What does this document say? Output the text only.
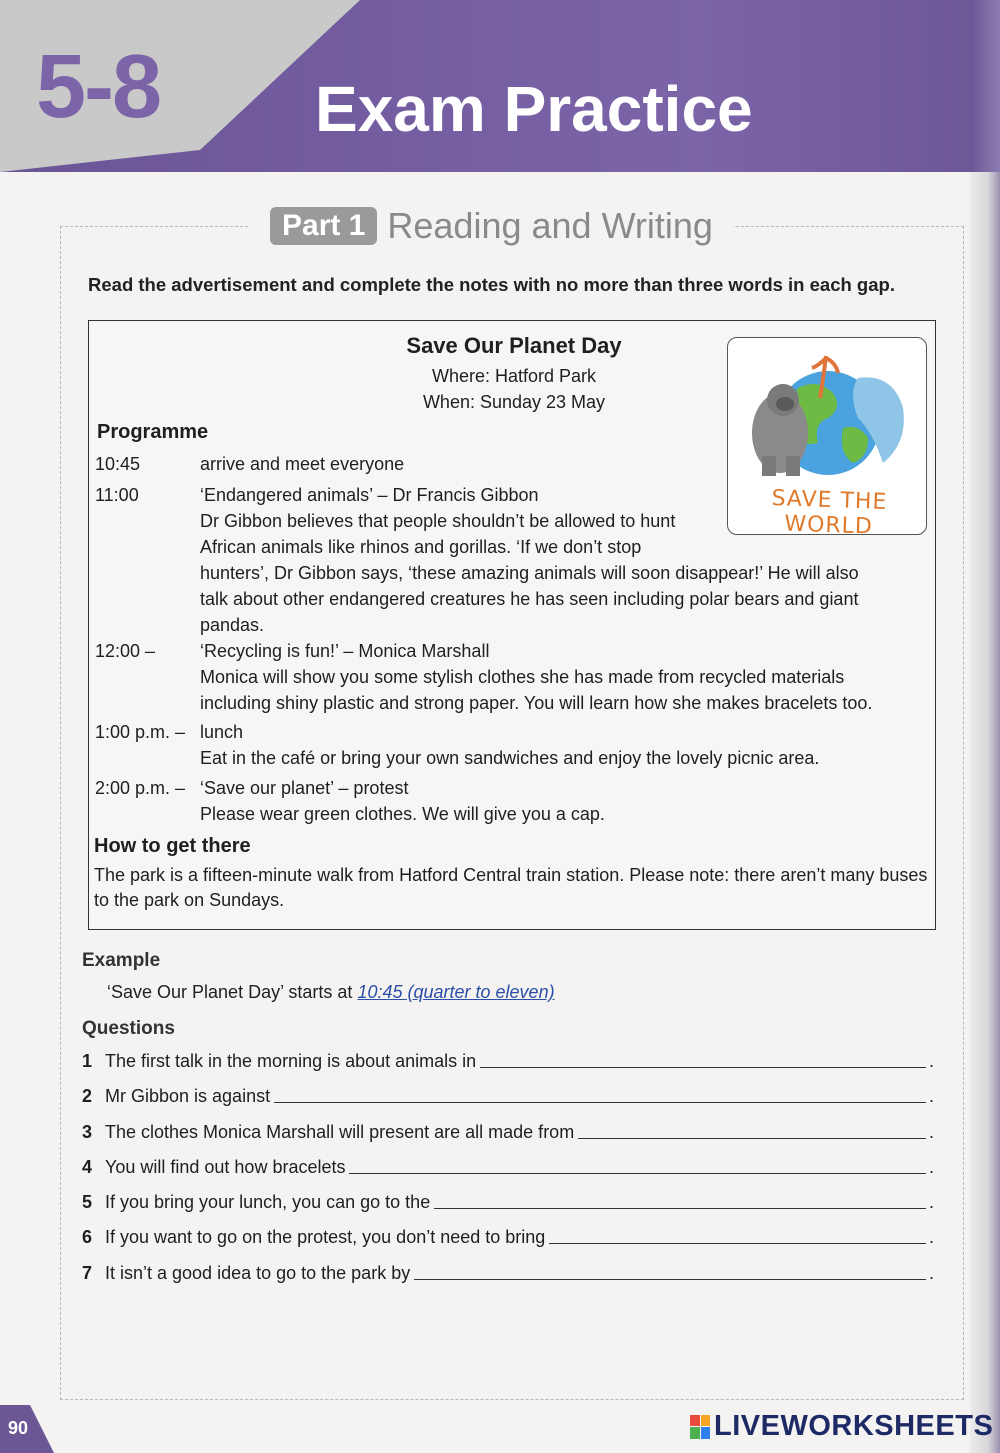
5-8 Exam Practice
Part 1 Reading and Writing
Read the advertisement and complete the notes with no more than three words in each gap.
Save Our Planet Day
Where: Hatford Park
When: Sunday 23 May
SAVE THE WORLD
Programme
10:45	arrive and meet everyone
11:00	‘Endangered animals’ – Dr Francis Gibbon
Dr Gibbon believes that people shouldn’t be allowed to hunt
African animals like rhinos and gorillas. ‘If we don’t stop
hunters’, Dr Gibbon says, ‘these amazing animals will soon disappear!’ He will also
talk about other endangered creatures he has seen including polar bears and giant
pandas.
12:00 –	‘Recycling is fun!’ – Monica Marshall
Monica will show you some stylish clothes she has made from recycled materials
including shiny plastic and strong paper. You will learn how she makes bracelets too.
1:00 p.m. – lunch
Eat in the café or bring your own sandwiches and enjoy the lovely picnic area.
2:00 p.m. – ‘Save our planet’ – protest
Please wear green clothes. We will give you a cap.
How to get there
The park is a fifteen-minute walk from Hatford Central train station. Please note: there aren’t many buses to the park on Sundays.
Example
‘Save Our Planet Day’ starts at 10:45 (quarter to eleven)
Questions
1 The first talk in the morning is about animals in	.
2 Mr Gibbon is against	.
3 The clothes Monica Marshall will present are all made from	.
4 You will find out how bracelets	.
5 If you bring your lunch, you can go to the	.
6 If you want to go on the protest, you don’t need to bring	.
7 It isn’t a good idea to go to the park by	.
90	LIVEWORKSHEETS
